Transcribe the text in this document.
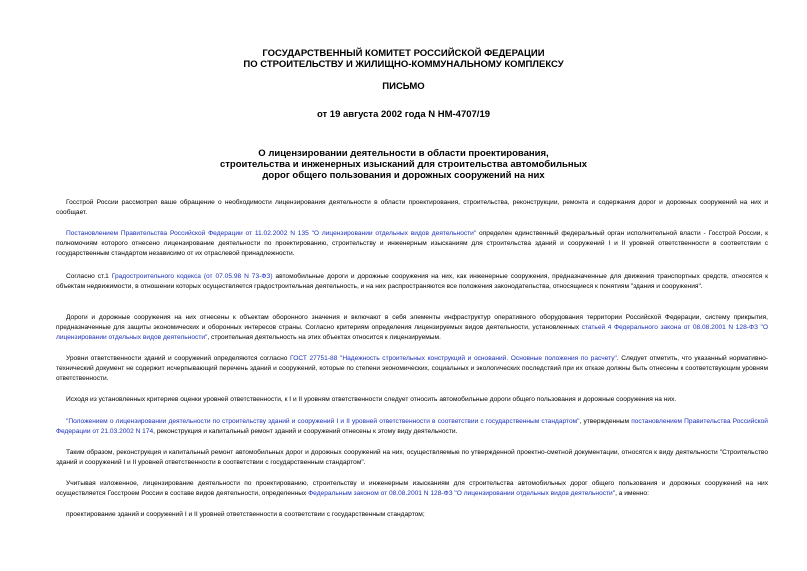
ГОСУДАРСТВЕННЫЙ КОМИТЕТ РОССИЙСКОЙ ФЕДЕРАЦИИ
ПО СТРОИТЕЛЬСТВУ И ЖИЛИЩНО-КОММУНАЛЬНОМУ КОМПЛЕКСУ
ПИСЬМО
от 19 августа 2002 года N НМ-4707/19
О лицензировании деятельности в области проектирования,
строительства и инженерных изысканий для строительства автомобильных
дорог общего пользования и дорожных сооружений на них

Госстрой России рассмотрел ваше обращение о необходимости лицензирования деятельности в области проектирования, строительства, реконструкции, ремонта и содержания дорог и дорожных сооружений на них и сообщает.

Постановлением Правительства Российской Федерации от 11.02.2002 N 135 "О лицензировании отдельных видов деятельности" определен единственный федеральный орган исполнительной власти - Госстрой России, к полномочиям которого отнесено лицензирование деятельности по проектированию, строительству и инженерным изысканиям для строительства зданий и сооружений I и II уровней ответственности в соответствии с государственным стандартом независимо от их отраслевой принадлежности.

Согласно ст.1 Градостроительного кодекса (от 07.05.98 N 73-ФЗ) автомобильные дороги и дорожные сооружения на них, как инженерные сооружения, предназначенные для движения транспортных средств, относятся к объектам недвижимости, в отношении которых осуществляется градостроительная деятельность, и на них распространяются все положения законодательства, относящиеся к понятиям "здания и сооружения".

Дороги и дорожные сооружения на них отнесены к объектам оборонного значения и включают в себя элементы инфраструктур оперативного оборудования территории Российской Федерации, систему прикрытия, предназначенные для защиты экономических и оборонных интересов страны. Согласно критериям определения лицензируемых видов деятельности, установленных статьей 4 Федерального закона от 08.08.2001 N 128-ФЗ "О лицензировании отдельных видов деятельности", строительная деятельность на этих объектах относится к лицензируемым.

Уровни ответственности зданий и сооружений определяются согласно ГОСТ 27751-88 "Надежность строительных конструкций и оснований. Основные положения по расчету". Следует отметить, что указанный нормативно-технический документ не содержит исчерпывающий перечень зданий и сооружений, которые по степени экономических, социальных и экологических последствий при их отказе должны быть отнесены к соответствующим уровням ответственности.

Исходя из установленных критериев оценки уровней ответственности, к I и II уровням ответственности следует относить автомобильные дороги общего пользования и дорожные сооружения на них.

"Положением о лицензировании деятельности по строительству зданий и сооружений I и II уровней ответственности в соответствии с государственным стандартом", утвержденным постановлением Правительства Российской Федерации от 21.03.2002 N 174, реконструкция и капитальный ремонт зданий и сооружений отнесены к этому виду деятельности.

Таким образом, реконструкция и капитальный ремонт автомобильных дорог и дорожных сооружений на них, осуществляемые по утвержденной проектно-сметной документации, относятся к виду деятельности "Строительство зданий и сооружений I и II уровней ответственности в соответствии с государственным стандартом".

Учитывая изложенное, лицензирование деятельности по проектированию, строительству и инженерным изысканиям для строительства автомобильных дорог общего пользования и дорожных сооружений на них осуществляется Госстроем России в составе видов деятельности, определенных Федеральным законом от 08.08.2001 N 128-ФЗ "О лицензировании отдельных видов деятельности", а именно:

проектирование зданий и сооружений I и II уровней ответственности в соответствии с государственным стандартом;
